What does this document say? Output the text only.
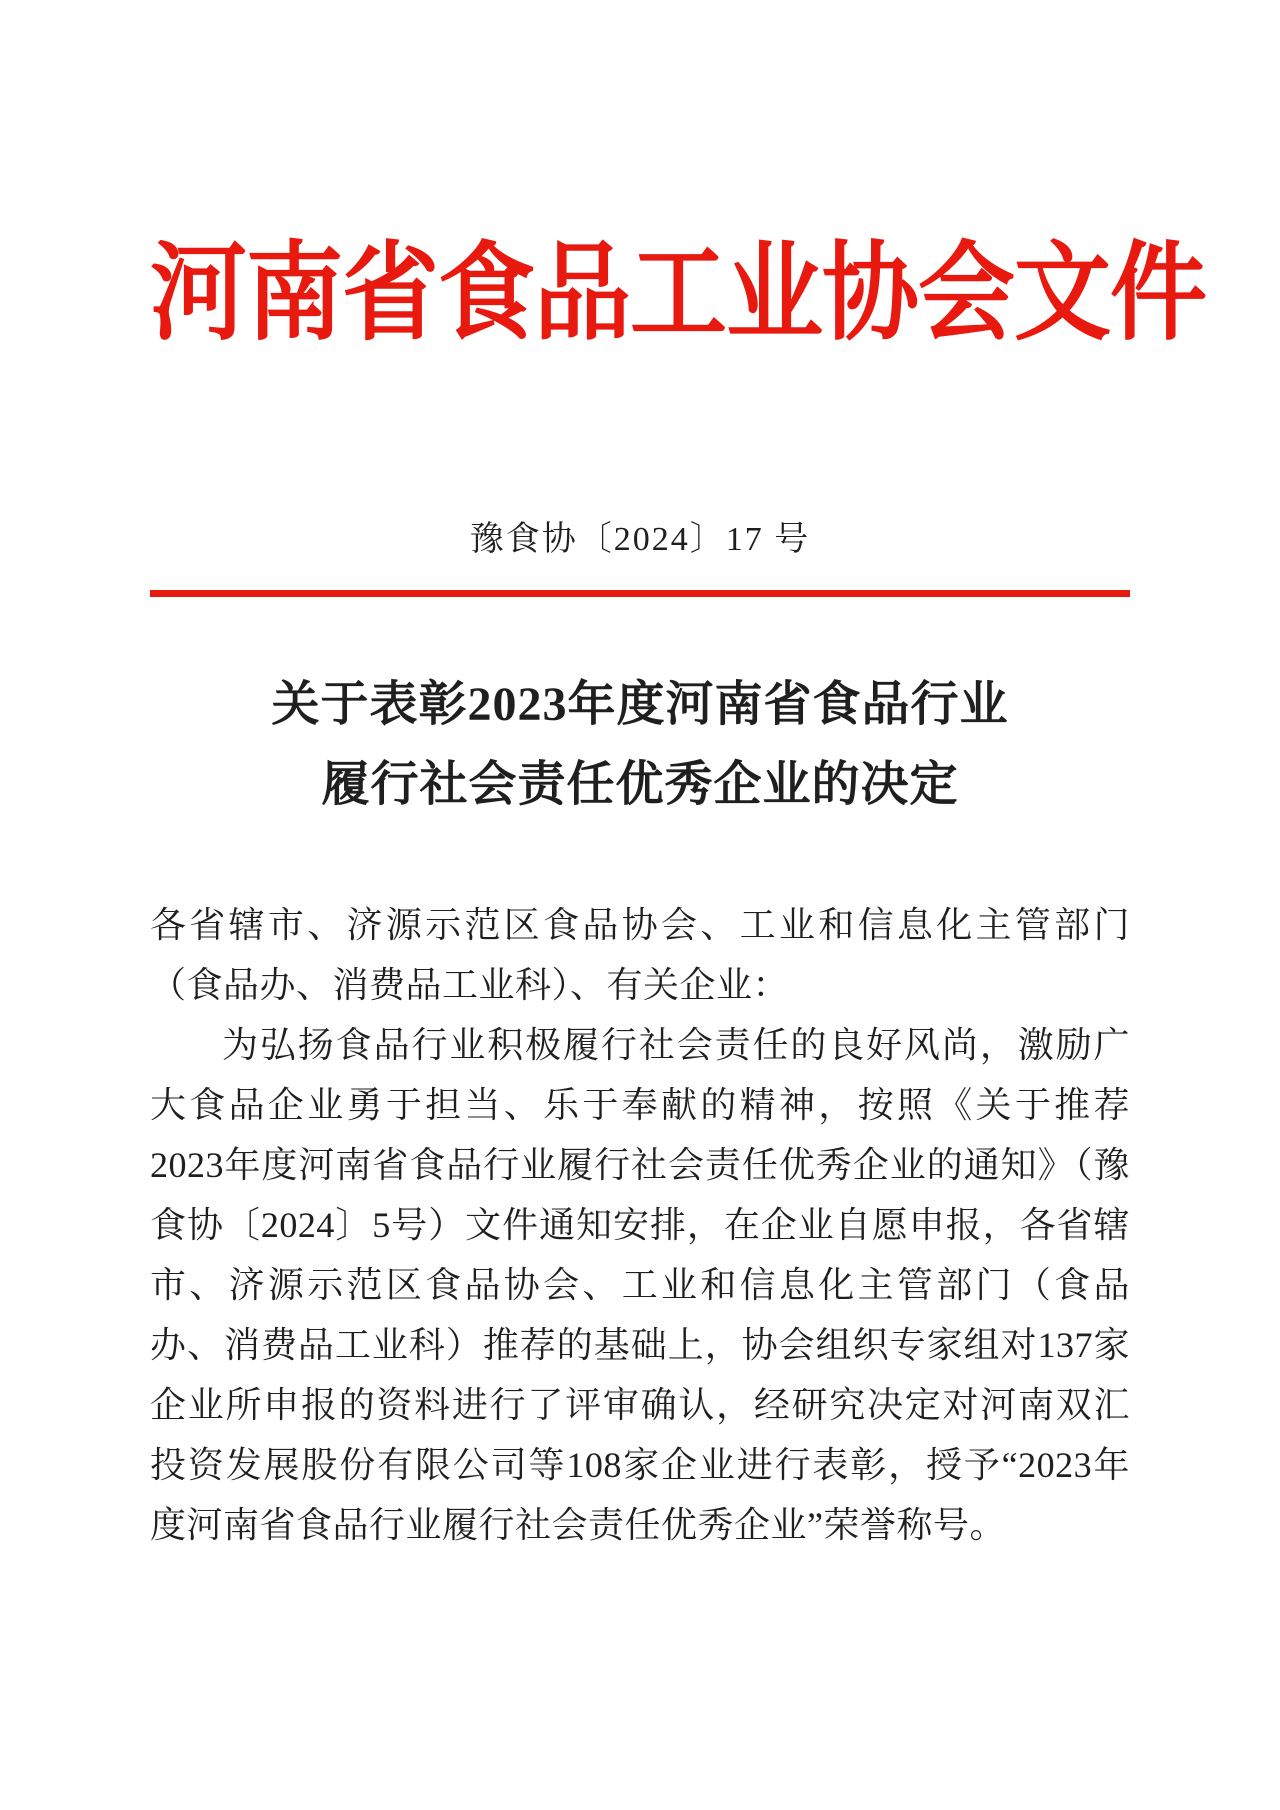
河南省食品工业协会文件
豫食协〔2024〕17 号
关于表彰2023年度河南省食品行业
履行社会责任优秀企业的决定

各省辖市、济源示范区食品协会、工业和信息化主管部门（食品办、消费品工业科）、有关企业：

为弘扬食品行业积极履行社会责任的良好风尚，激励广大食品企业勇于担当、乐于奉献的精神，按照《关于推荐2023年度河南省食品行业履行社会责任优秀企业的通知》（豫食协〔2024〕5号）文件通知安排，在企业自愿申报，各省辖市、济源示范区食品协会、工业和信息化主管部门（食品办、消费品工业科）推荐的基础上，协会组织专家组对137家企业所申报的资料进行了评审确认，经研究决定对河南双汇投资发展股份有限公司等108家企业进行表彰，授予“2023年度河南省食品行业履行社会责任优秀企业”荣誉称号。
